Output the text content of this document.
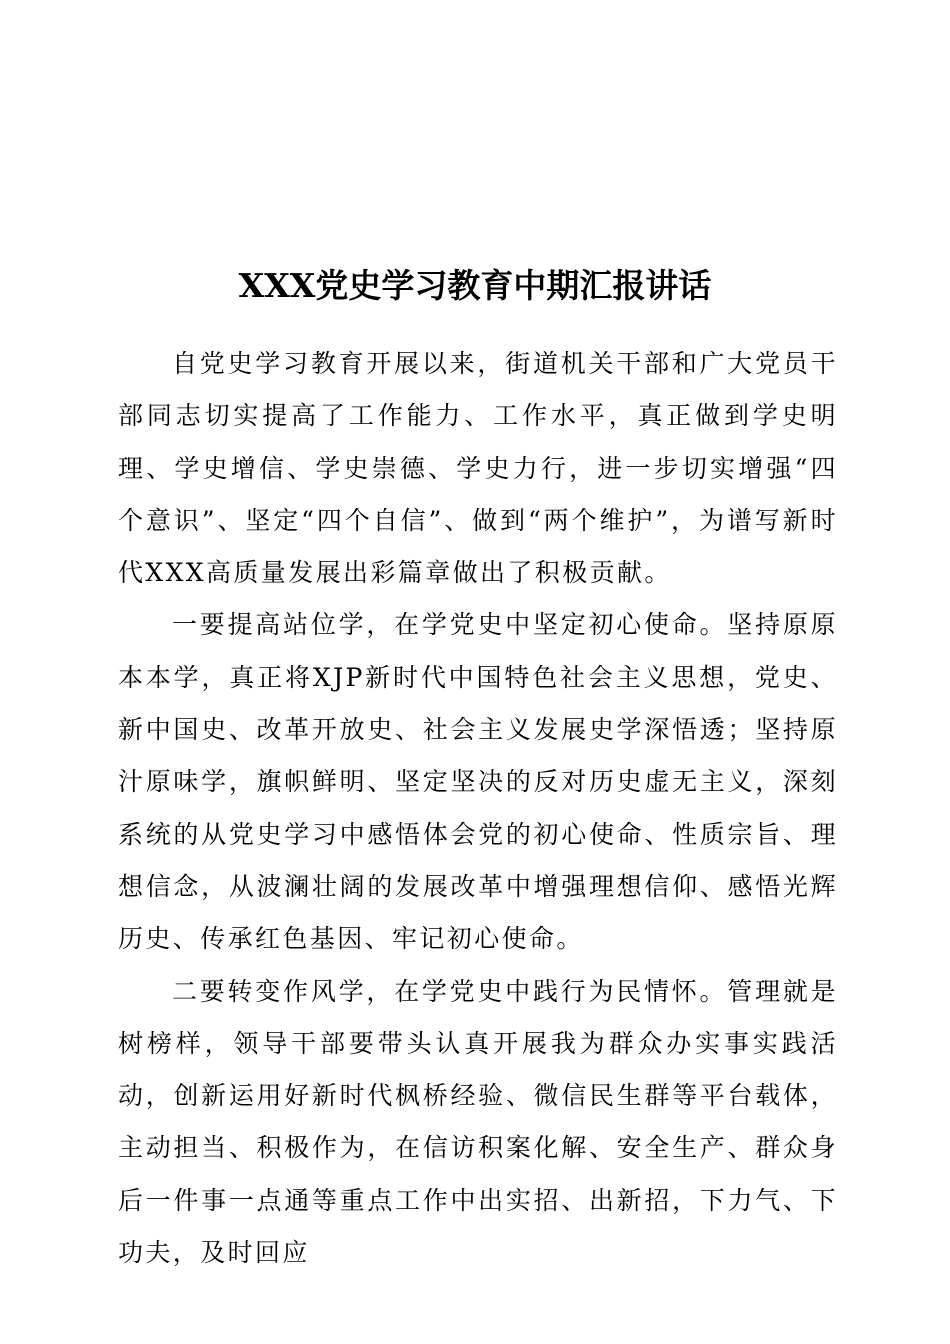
XXX党史学习教育中期汇报讲话

自党史学习教育开展以来，街道机关干部和广大党员干部同志切实提高了工作能力、工作水平，真正做到学史明理、学史增信、学史崇德、学史力行，进一步切实增强“四个意识”、坚定“四个自信”、做到“两个维护”，为谱写新时代XXX高质量发展出彩篇章做出了积极贡献。

一要提高站位学，在学党史中坚定初心使命。坚持原原本本学，真正将XJP新时代中国特色社会主义思想，党史、新中国史、改革开放史、社会主义发展史学深悟透；坚持原汁原味学，旗帜鲜明、坚定坚决的反对历史虚无主义，深刻系统的从党史学习中感悟体会党的初心使命、性质宗旨、理想信念，从波澜壮阔的发展改革中增强理想信仰、感悟光辉历史、传承红色基因、牢记初心使命。

二要转变作风学，在学党史中践行为民情怀。管理就是树榜样，领导干部要带头认真开展我为群众办实事实践活动，创新运用好新时代枫桥经验、微信民生群等平台载体，主动担当、积极作为，在信访积案化解、安全生产、群众身后一件事一点通等重点工作中出实招、出新招，下力气、下功夫，及时回应
